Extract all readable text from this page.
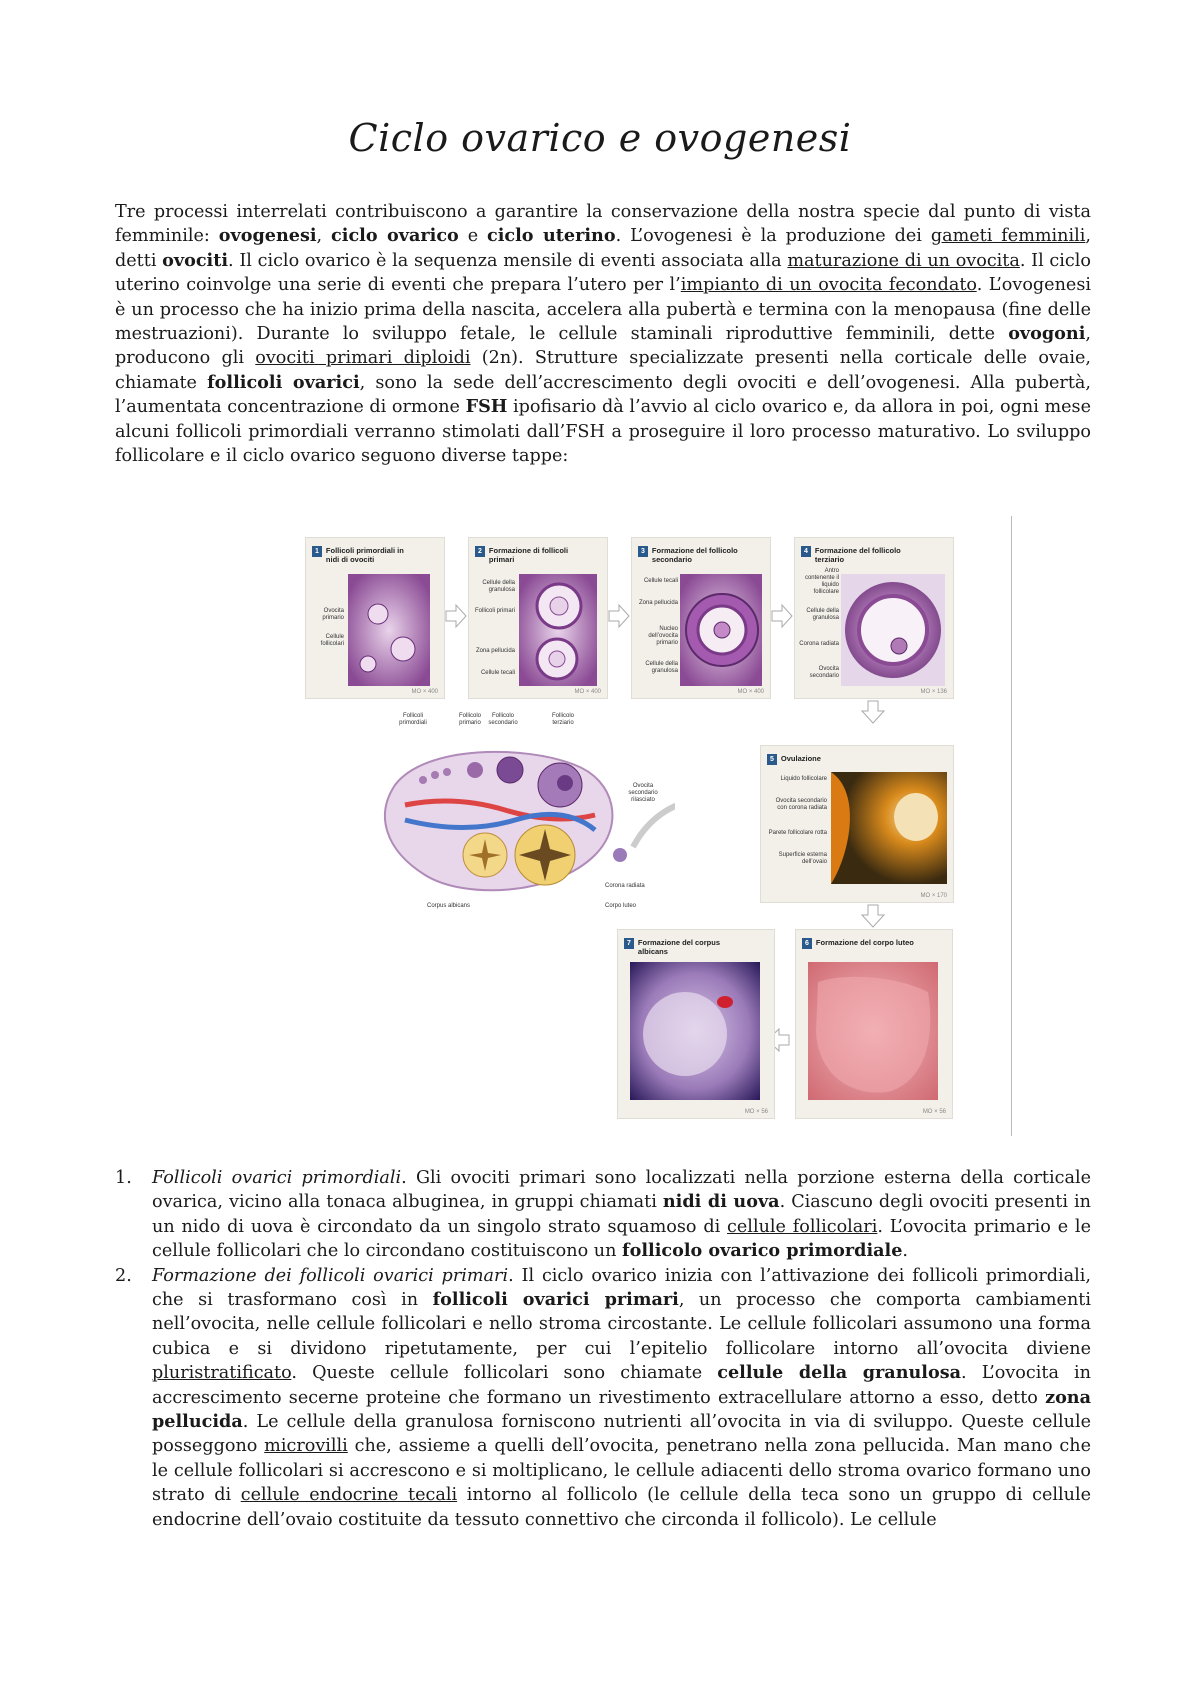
Ciclo ovarico e ovogenesi
Tre processi interrelati contribuiscono a garantire la conservazione della nostra specie dal punto di vista femminile: ovogenesi, ciclo ovarico e ciclo uterino. L’ovogenesi è la produzione dei gameti femminili, detti ovociti. Il ciclo ovarico è la sequenza mensile di eventi associata alla maturazione di un ovocita. Il ciclo uterino coinvolge una serie di eventi che prepara l’utero per l’impianto di un ovocita fecondato. L’ovogenesi è un processo che ha inizio prima della nascita, accelera alla pubertà e termina con la menopausa (fine delle mestruazioni). Durante lo sviluppo fetale, le cellule staminali riproduttive femminili, dette ovogoni, producono gli ovociti primari diploidi (2n). Strutture specializzate presenti nella corticale delle ovaie, chiamate follicoli ovarici, sono la sede dell’accrescimento degli ovociti e dell’ovogenesi. Alla pubertà, l’aumentata concentrazione di ormone FSH ipofisario dà l’avvio al ciclo ovarico e, da allora in poi, ogni mese alcuni follicoli primordiali verranno stimolati dall’FSH a proseguire il loro processo maturativo. Lo sviluppo follicolare e il ciclo ovarico seguono diverse tappe:
1 Follicoli primordiali in nidi di ovociti
Ovocita primario
Cellule follicolari
MO × 400
2 Formazione di follicoli primari
Cellule della granulosa
Follicoli primari
Zona pellucida
Cellule tecali
MO × 400
3 Formazione del follicolo secondario
Cellule tecali
Zona pellucida
Nucleo dell’ovocita primario
Cellule della granulosa
MO × 400
4 Formazione del follicolo terziario
Antro contenente il liquido follicolare
Cellule della granulosa
Corona radiata
Ovocita secondario
MO × 136
Follicoli primordiali
Follicolo primario
Follicolo secondario
Follicolo terziario
Ovocita secondario rilasciato
Corona radiata
Corpo luteo
Corpus albicans
5 Ovulazione
Liquido follicolare
Ovocita secondario con corona radiata
Parete follicolare rotta
Superficie esterna dell’ovaio
MO × 170
7 Formazione del corpus albicans
MO × 56
6 Formazione del corpo luteo
MO × 56
1. Follicoli ovarici primordiali. Gli ovociti primari sono localizzati nella porzione esterna della corticale ovarica, vicino alla tonaca albuginea, in gruppi chiamati nidi di uova. Ciascuno degli ovociti presenti in un nido di uova è circondato da un singolo strato squamoso di cellule follicolari. L’ovocita primario e le cellule follicolari che lo circondano costituiscono un follicolo ovarico primordiale.
2. Formazione dei follicoli ovarici primari. Il ciclo ovarico inizia con l’attivazione dei follicoli primordiali, che si trasformano così in follicoli ovarici primari, un processo che comporta cambiamenti nell’ovocita, nelle cellule follicolari e nello stroma circostante. Le cellule follicolari assumono una forma cubica e si dividono ripetutamente, per cui l’epitelio follicolare intorno all’ovocita diviene pluristratificato. Queste cellule follicolari sono chiamate cellule della granulosa. L’ovocita in accrescimento secerne proteine che formano un rivestimento extracellulare attorno a esso, detto zona pellucida. Le cellule della granulosa forniscono nutrienti all’ovocita in via di sviluppo. Queste cellule posseggono microvilli che, assieme a quelli dell’ovocita, penetrano nella zona pellucida. Man mano che le cellule follicolari si accrescono e si moltiplicano, le cellule adiacenti dello stroma ovarico formano uno strato di cellule endocrine tecali intorno al follicolo (le cellule della teca sono un gruppo di cellule endocrine dell’ovaio costituite da tessuto connettivo che circonda il follicolo). Le cellule
